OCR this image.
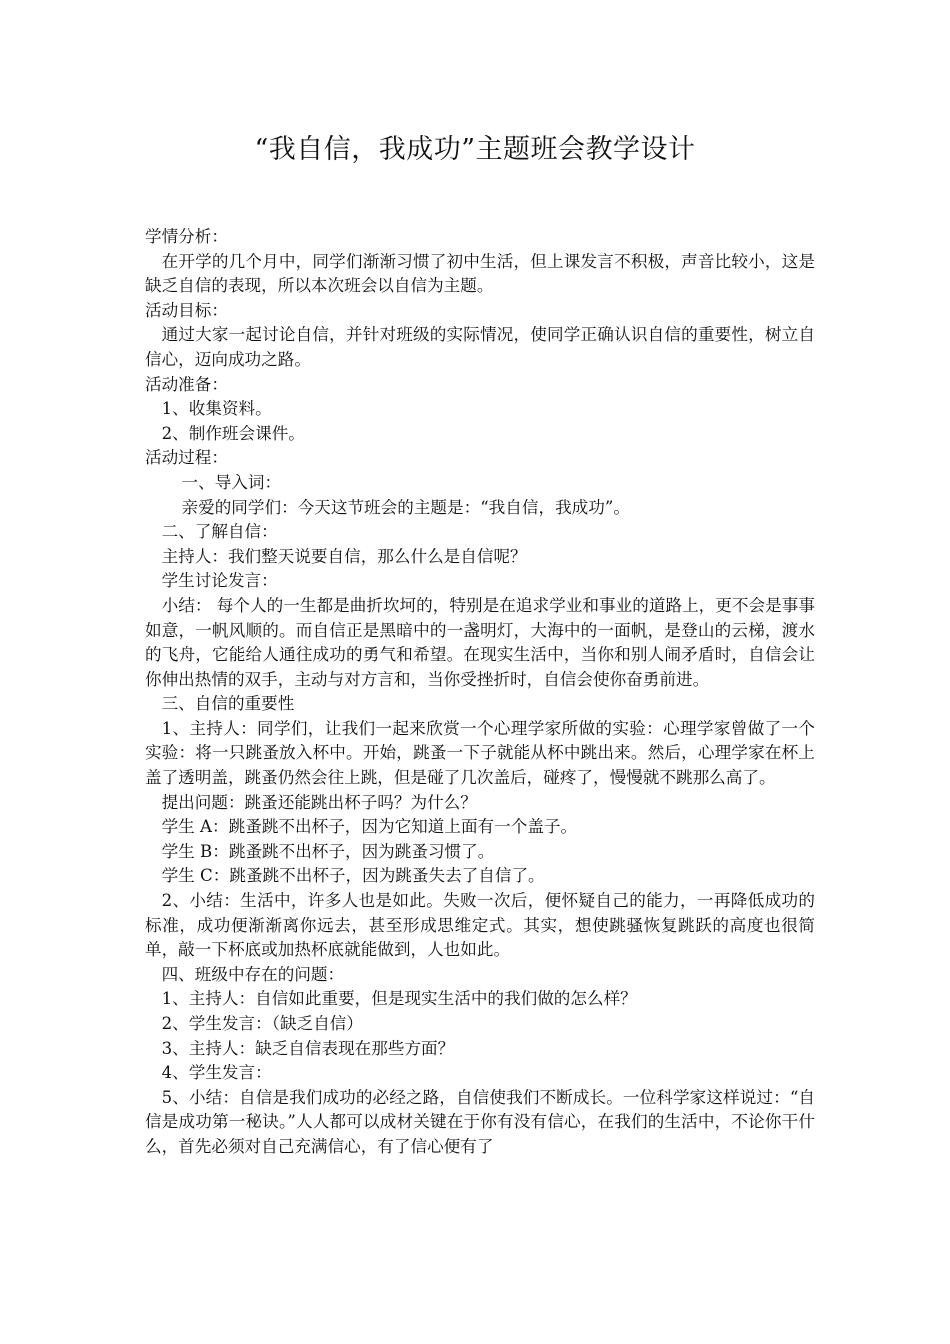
“我自信，我成功”主题班会教学设计

学情分析：

在开学的几个月中，同学们渐渐习惯了初中生活，但上课发言不积极，声音比较小，这是缺乏自信的表现，所以本次班会以自信为主题。

活动目标：

通过大家一起讨论自信，并针对班级的实际情况，使同学正确认识自信的重要性，树立自信心，迈向成功之路。

活动准备：

1、收集资料。

2、制作班会课件。

活动过程：

一、导入词：

亲爱的同学们：今天这节班会的主题是：“我自信，我成功”。

二、了解自信：

主持人：我们整天说要自信，那么什么是自信呢？

学生讨论发言：

小结： 每个人的一生都是曲折坎坷的，特别是在追求学业和事业的道路上，更不会是事事如意，一帆风顺的。而自信正是黑暗中的一盏明灯，大海中的一面帆，是登山的云梯，渡水的飞舟，它能给人通往成功的勇气和希望。在现实生活中，当你和别人闹矛盾时，自信会让你伸出热情的双手，主动与对方言和，当你受挫折时，自信会使你奋勇前进。

三、自信的重要性

1、主持人：同学们，让我们一起来欣赏一个心理学家所做的实验：心理学家曾做了一个实验：将一只跳蚤放入杯中。开始，跳蚤一下子就能从杯中跳出来。然后，心理学家在杯上盖了透明盖，跳蚤仍然会往上跳，但是碰了几次盖后，碰疼了，慢慢就不跳那么高了。

提出问题：跳蚤还能跳出杯子吗？为什么？

学生 A：跳蚤跳不出杯子，因为它知道上面有一个盖子。

学生 B：跳蚤跳不出杯子，因为跳蚤习惯了。

学生 C：跳蚤跳不出杯子，因为跳蚤失去了自信了。

2、小结：生活中，许多人也是如此。失败一次后，便怀疑自己的能力，一再降低成功的标准，成功便渐渐离你远去，甚至形成思维定式。其实，想使跳骚恢复跳跃的高度也很简单，敲一下杯底或加热杯底就能做到，人也如此。

四、班级中存在的问题：

1、主持人：自信如此重要，但是现实生活中的我们做的怎么样？

2、学生发言：（缺乏自信）

3、主持人：缺乏自信表现在那些方面？

4、学生发言：

5、小结：自信是我们成功的必经之路，自信使我们不断成长。一位科学家这样说过：“自信是成功第一秘诀。”人人都可以成材关键在于你有没有信心，在我们的生活中，不论你干什么，首先必须对自己充满信心，有了信心便有了
